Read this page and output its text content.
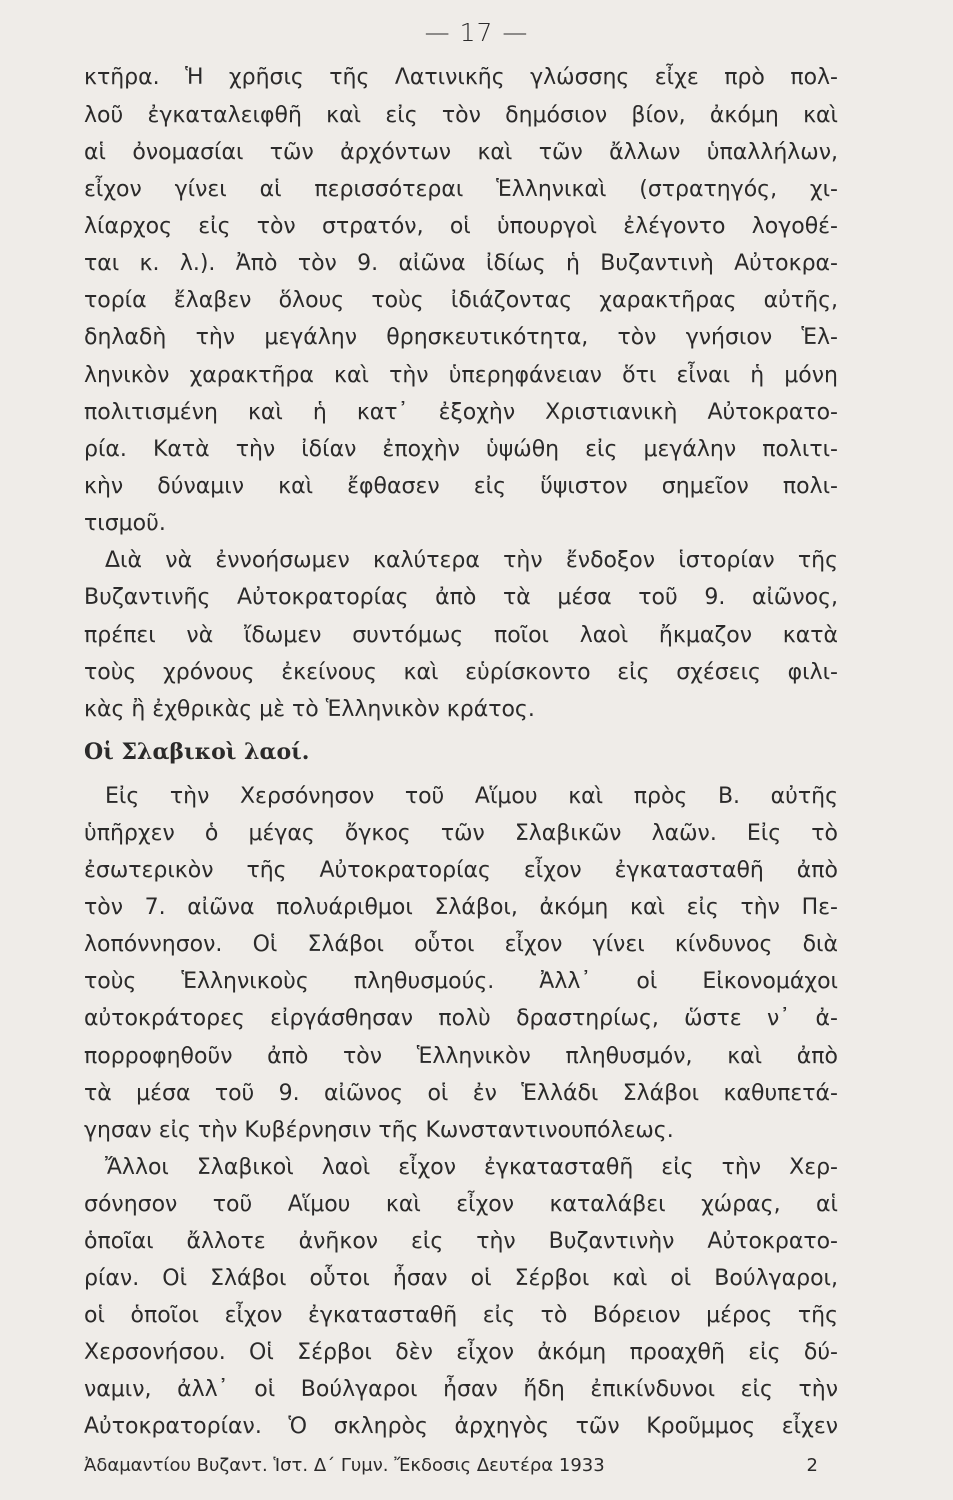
— 17 —
κτῆρα. Ἡ χρῆσις τῆς Λατινικῆς γλώσσης εἶχε πρὸ πολ-
λοῦ ἐγκαταλειφθῆ καὶ εἰς τὸν δημόσιον βίον, ἀκόμη καὶ
αἱ ὀνομασίαι τῶν ἀρχόντων καὶ τῶν ἄλλων ὑπαλλήλων,
εἶχον γίνει αἱ περισσότεραι Ἑλληνικαὶ (στρατηγός, χι-
λίαρχος εἰς τὸν στρατόν, οἱ ὑπουργοὶ ἐλέγοντο λογοθέ-
ται κ. λ.). Ἀπὸ τὸν 9. αἰῶνα ἰδίως ἡ Βυζαντινὴ Αὐτοκρα-
τορία ἔλαβεν ὅλους τοὺς ἰδιάζοντας χαρακτῆρας αὐτῆς,
δηλαδὴ τὴν μεγάλην θρησκευτικότητα, τὸν γνήσιον Ἑλ-
ληνικὸν χαρακτῆρα καὶ τὴν ὑπερηφάνειαν ὅτι εἶναι ἡ μόνη
πολιτισμένη καὶ ἡ κατ᾽ ἐξοχὴν Χριστιανικὴ Αὐτοκρατο-
ρία. Κατὰ τὴν ἰδίαν ἐποχὴν ὑψώθη εἰς μεγάλην πολιτι-
κὴν δύναμιν καὶ ἔφθασεν εἰς ὕψιστον σημεῖον πολι-
τισμοῦ.
Διὰ νὰ ἐννοήσωμεν καλύτερα τὴν ἔνδοξον ἱστορίαν τῆς
Βυζαντινῆς Αὐτοκρατορίας ἀπὸ τὰ μέσα τοῦ 9. αἰῶνος,
πρέπει νὰ ἴδωμεν συντόμως ποῖοι λαοὶ ἤκμαζον κατὰ
τοὺς χρόνους ἐκείνους καὶ εὑρίσκοντο εἰς σχέσεις φιλι-
κὰς ἢ ἐχθρικὰς μὲ τὸ Ἑλληνικὸν κράτος.
Οἱ Σλαβικοὶ λαοί.
Εἰς τὴν Χερσόνησον τοῦ Αἵμου καὶ πρὸς Β. αὐτῆς
ὑπῆρχεν ὁ μέγας ὄγκος τῶν Σλαβικῶν λαῶν. Εἰς τὸ
ἐσωτερικὸν τῆς Αὐτοκρατορίας εἶχον ἐγκατασταθῆ ἀπὸ
τὸν 7. αἰῶνα πολυάριθμοι Σλάβοι, ἀκόμη καὶ εἰς τὴν Πε-
λοπόννησον. Οἱ Σλάβοι οὗτοι εἶχον γίνει κίνδυνος διὰ
τοὺς Ἑλληνικοὺς πληθυσμούς. Ἀλλ᾽ οἱ Εἰκονομάχοι
αὐτοκράτορες εἰργάσθησαν πολὺ δραστηρίως, ὥστε ν᾽ ἀ-
πορροφηθοῦν ἀπὸ τὸν Ἑλληνικὸν πληθυσμόν, καὶ ἀπὸ
τὰ μέσα τοῦ 9. αἰῶνος οἱ ἐν Ἑλλάδι Σλάβοι καθυπετά-
γησαν εἰς τὴν Κυβέρνησιν τῆς Κωνσταντινουπόλεως.
Ἄλλοι Σλαβικοὶ λαοὶ εἶχον ἐγκατασταθῆ εἰς τὴν Χερ-
σόνησον τοῦ Αἵμου καὶ εἶχον καταλάβει χώρας, αἱ
ὁποῖαι ἄλλοτε ἀνῆκον εἰς τὴν Βυζαντινὴν Αὐτοκρατο-
ρίαν. Οἱ Σλάβοι οὗτοι ἦσαν οἱ Σέρβοι καὶ οἱ Βούλγαροι,
οἱ ὁποῖοι εἶχον ἐγκατασταθῆ εἰς τὸ Βόρειον μέρος τῆς
Χερσονήσου. Οἱ Σέρβοι δὲν εἶχον ἀκόμη προαχθῆ εἰς δύ-
ναμιν, ἀλλ᾽ οἱ Βούλγαροι ἦσαν ἤδη ἐπικίνδυνοι εἰς τὴν
Αὐτοκρατορίαν. Ὁ σκληρὸς ἀρχηγὸς τῶν Κροῦμμος εἶχεν
Ἀδαμαντίου Βυζαντ. Ἱστ. Δ΄ Γυμν. Ἔκδοσις Δευτέρα 1933	2
